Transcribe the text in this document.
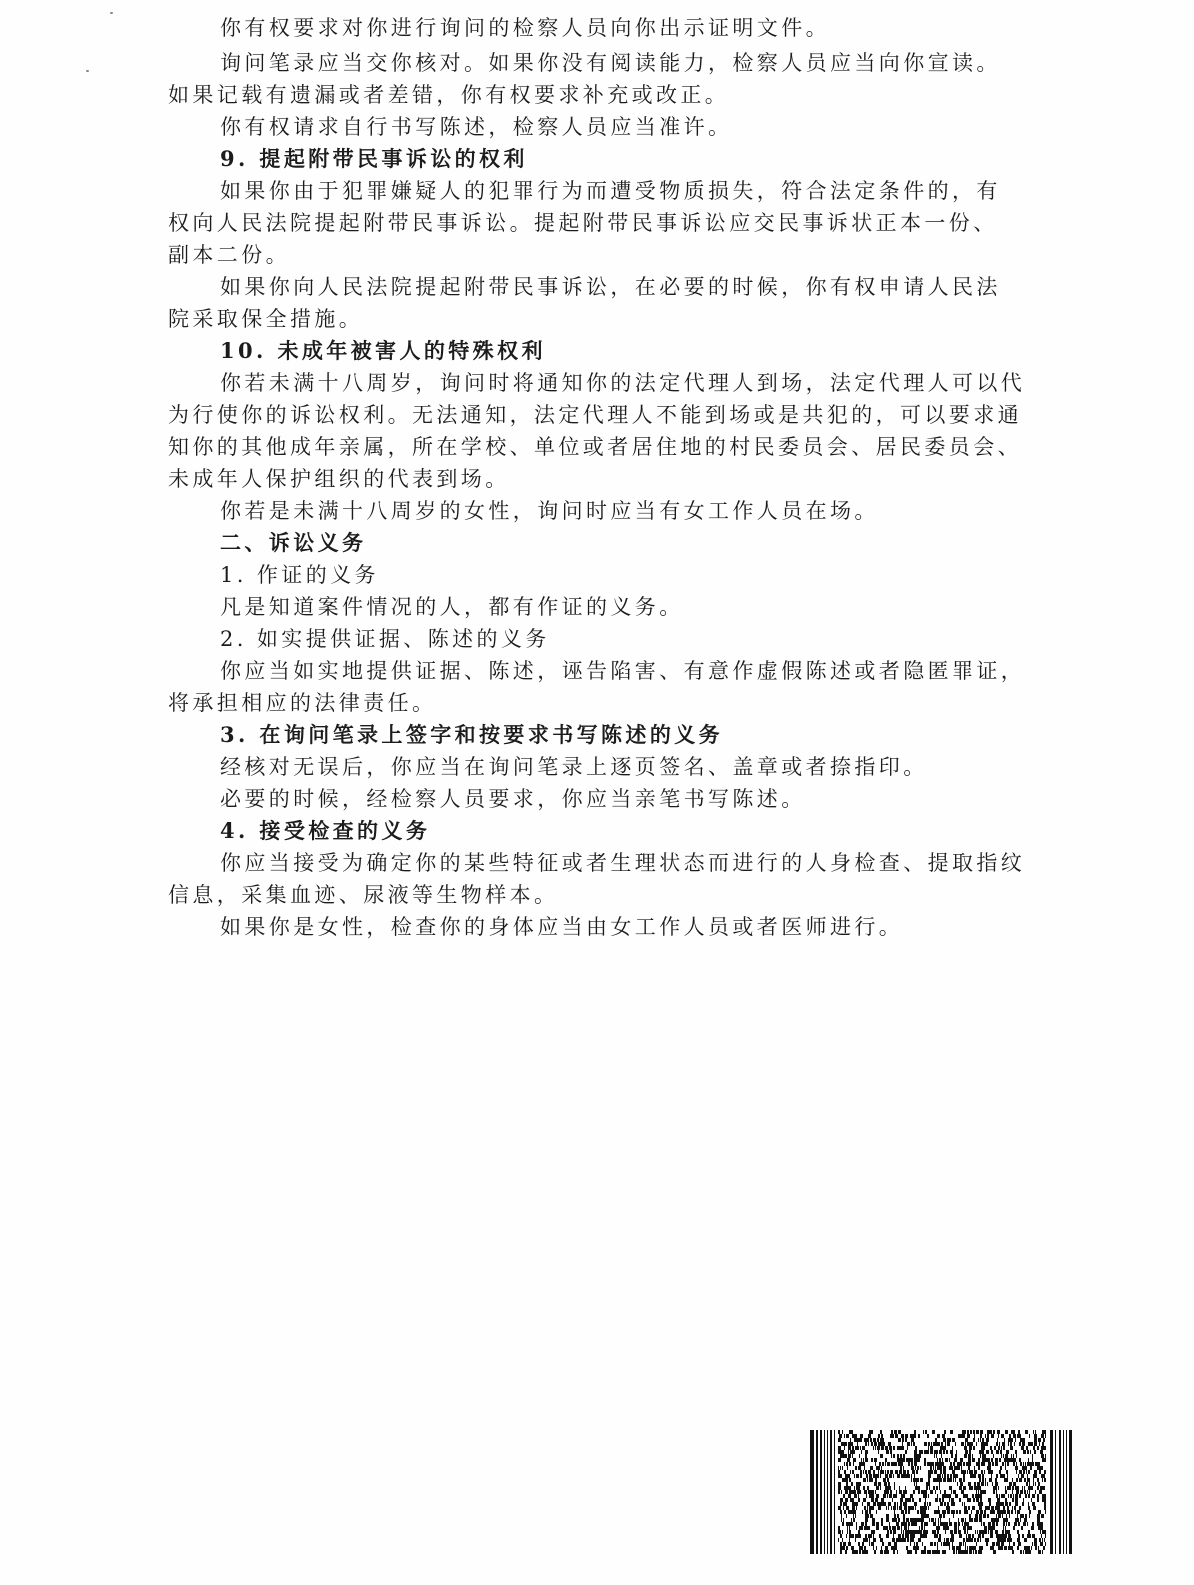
你有权要求对你进行询问的检察人员向你出示证明文件。

询问笔录应当交你核对。如果你没有阅读能力，检察人员应当向你宣读。

如果记载有遗漏或者差错，你有权要求补充或改正。

你有权请求自行书写陈述，检察人员应当准许。

9. 提起附带民事诉讼的权利

如果你由于犯罪嫌疑人的犯罪行为而遭受物质损失，符合法定条件的，有

权向人民法院提起附带民事诉讼。提起附带民事诉讼应交民事诉状正本一份、

副本二份。

如果你向人民法院提起附带民事诉讼，在必要的时候，你有权申请人民法

院采取保全措施。

10. 未成年被害人的特殊权利

你若未满十八周岁，询问时将通知你的法定代理人到场，法定代理人可以代

为行使你的诉讼权利。无法通知，法定代理人不能到场或是共犯的，可以要求通

知你的其他成年亲属，所在学校、单位或者居住地的村民委员会、居民委员会、

未成年人保护组织的代表到场。

你若是未满十八周岁的女性，询问时应当有女工作人员在场。

二、诉讼义务

1. 作证的义务

凡是知道案件情况的人，都有作证的义务。

2. 如实提供证据、陈述的义务

你应当如实地提供证据、陈述，诬告陷害、有意作虚假陈述或者隐匿罪证，

将承担相应的法律责任。

3. 在询问笔录上签字和按要求书写陈述的义务

经核对无误后，你应当在询问笔录上逐页签名、盖章或者捺指印。

必要的时候，经检察人员要求，你应当亲笔书写陈述。

4. 接受检查的义务

你应当接受为确定你的某些特征或者生理状态而进行的人身检查、提取指纹

信息，采集血迹、尿液等生物样本。

如果你是女性，检查你的身体应当由女工作人员或者医师进行。
